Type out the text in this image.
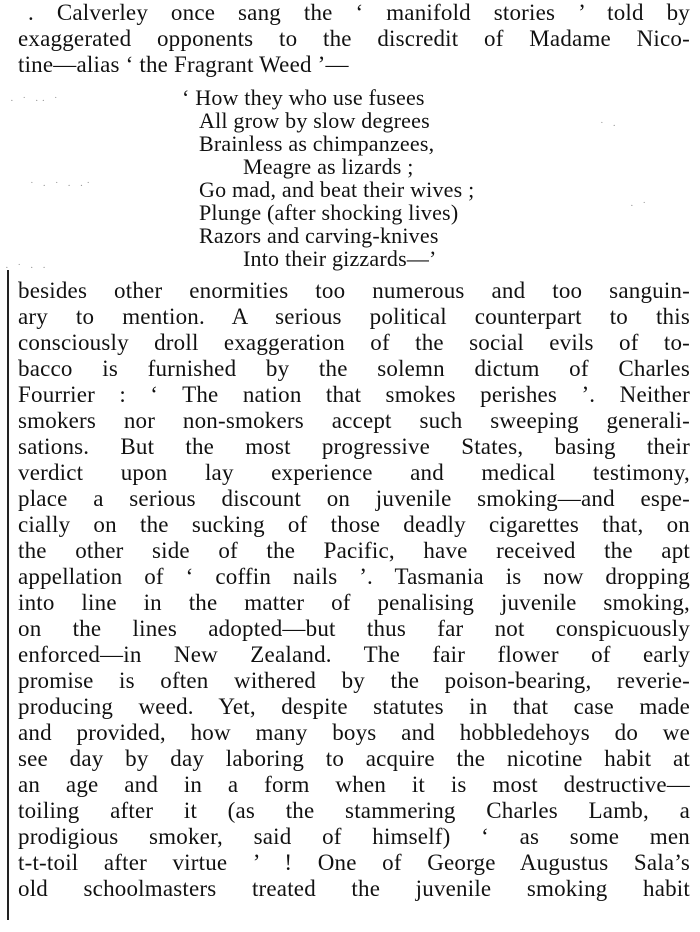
. Calverley once sang the ‘ manifold stories ’ told by
exaggerated opponents to the discredit of Madame Nico-
tine—alias ‘ the Fragrant Weed ’—
‘ How they who use fusees
All grow by slow degrees
Brainless as chimpanzees,
Meagre as lizards ;
Go mad, and beat their wives ;
Plunge (after shocking lives)
Razors and carving-knives
Into their gizzards—’
besides other enormities too numerous and too sanguin-
ary to mention. A serious political counterpart to this
consciously droll exaggeration of the social evils of to-
bacco is furnished by the solemn dictum of Charles
Fourrier : ‘ The nation that smokes perishes ’. Neither
smokers nor non-smokers accept such sweeping generali-
sations. But the most progressive States, basing their
verdict upon lay experience and medical testimony,
place a serious discount on juvenile smoking—and espe-
cially on the sucking of those deadly cigarettes that, on
the other side of the Pacific, have received the apt
appellation of ‘ coffin nails ’. Tasmania is now dropping
into line in the matter of penalising juvenile smoking,
on the lines adopted—but thus far not conspicuously
enforced—in New Zealand. The fair flower of early
promise is often withered by the poison-bearing, reverie-
producing weed. Yet, despite statutes in that case made
and provided, how many boys and hobbledehoys do we
see day by day laboring to acquire the nicotine habit at
an age and in a form when it is most destructive—
toiling after it (as the stammering Charles Lamb, a
prodigious smoker, said of himself) ‘ as some men
t-t-toil after virtue ’ ! One of George Augustus Sala’s
old schoolmasters treated the juvenile smoking habit
· ˙ ·· ˙
˙ · ˙ · ·˙
· ˙ · ·
˙ ·
· ˙
